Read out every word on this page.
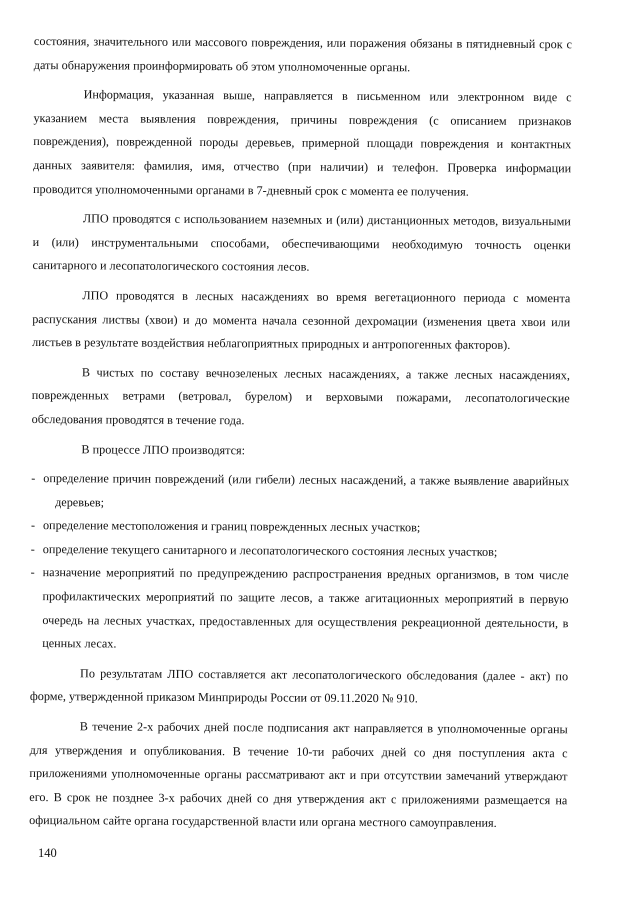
состояния, значительного или массового повреждения, или поражения обязаны в пятидневный срок с даты обнаружения проинформировать об этом уполномоченные органы.

Информация, указанная выше, направляется в письменном или электронном виде с указанием места выявления повреждения, причины повреждения (с описанием признаков повреждения), поврежденной породы деревьев, примерной площади повреждения и контактных данных заявителя: фамилия, имя, отчество (при наличии) и телефон. Проверка информации проводится уполномоченными органами в 7-дневный срок с момента ее получения.

ЛПО проводятся с использованием наземных и (или) дистанционных методов, визуальными и (или) инструментальными способами, обеспечивающими необходимую точность оценки санитарного и лесопатологического состояния лесов.

ЛПО проводятся в лесных насаждениях во время вегетационного периода с момента распускания листвы (хвои) и до момента начала сезонной дехромации (изменения цвета хвои или листьев в результате воздействия неблагоприятных природных и антропогенных факторов).

В чистых по составу вечнозеленых лесных насаждениях, а также лесных насаждениях, поврежденных ветрами (ветровал, бурелом) и верховыми пожарами, лесопатологические обследования проводятся в течение года.

В процессе ЛПО производятся:

- определение причин повреждений (или гибели) лесных насаждений, а также выявление аварийных деревьев;
- определение местоположения и границ поврежденных лесных участков;
- определение текущего санитарного и лесопатологического состояния лесных участков;
- назначение мероприятий по предупреждению распространения вредных организмов, в том числе профилактических мероприятий по защите лесов, а также агитационных мероприятий в первую очередь на лесных участках, предоставленных для осуществления рекреационной деятельности, в ценных лесах.

По результатам ЛПО составляется акт лесопатологического обследования (далее - акт) по форме, утвержденной приказом Минприроды России от 09.11.2020 № 910.

В течение 2-х рабочих дней после подписания акт направляется в уполномоченные органы для утверждения и опубликования. В течение 10-ти рабочих дней со дня поступления акта с приложениями уполномоченные органы рассматривают акт и при отсутствии замечаний утверждают его. В срок не позднее 3-х рабочих дней со дня утверждения акт с приложениями размещается на официальном сайте органа государственной власти или органа местного самоуправления.

140
